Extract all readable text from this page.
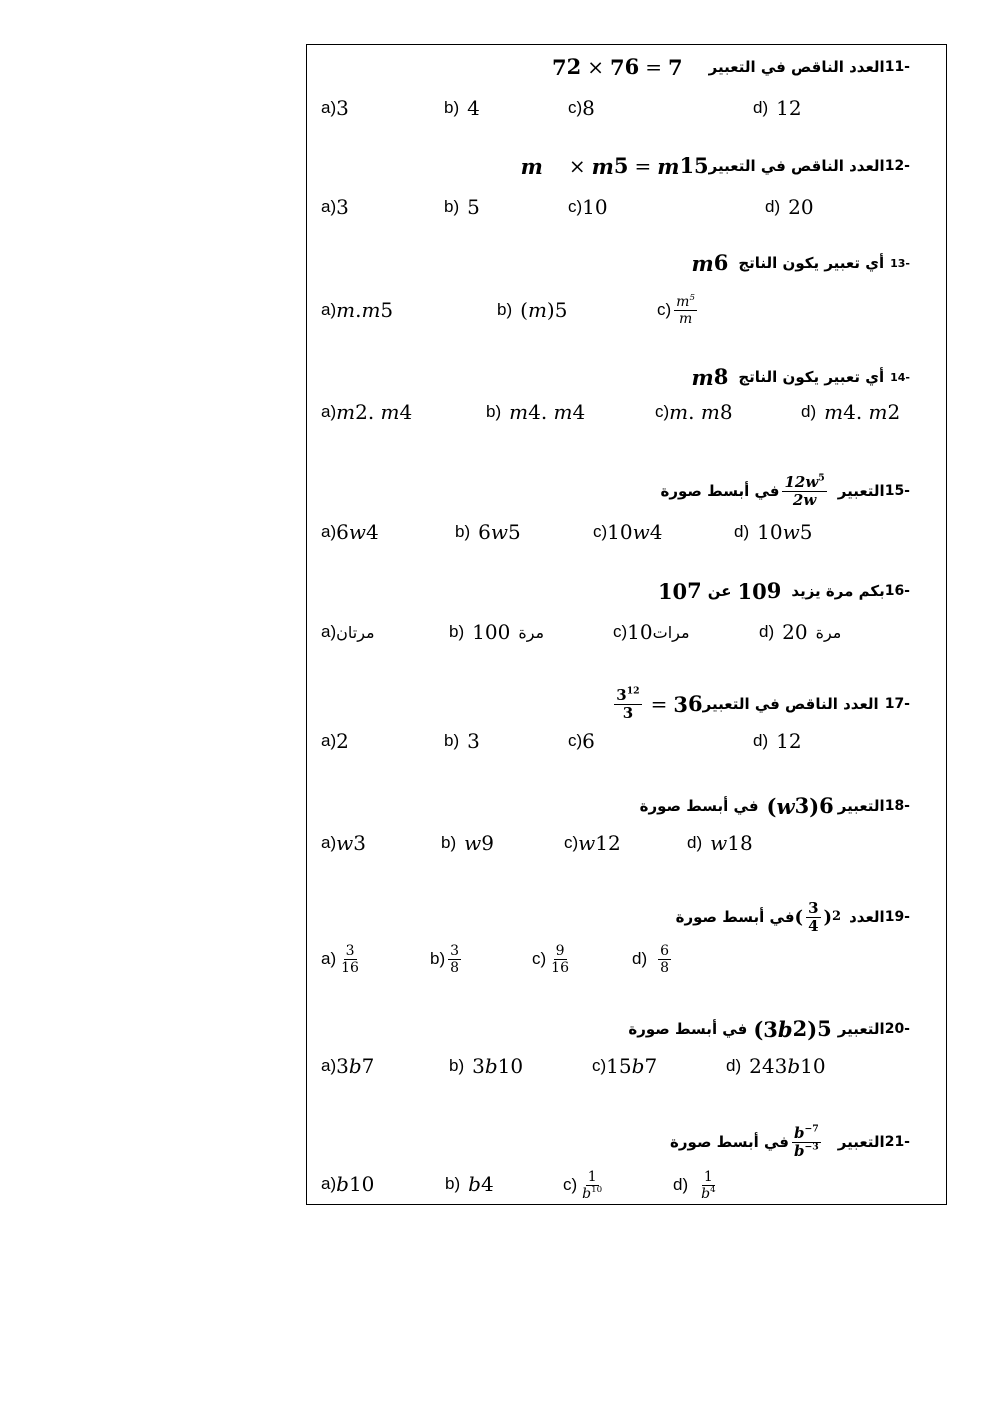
7 2 × 7 6 = 7 العدد الناقص في التعبير 11-
a) 3	b) 4	c) 8	d) 12
m × m 5 = m 15 العدد الناقص في التعبير 12-
a) 3	b) 5	c) 10	d) 20
m 6 أي تعبير يكون الناتج 13-
a) m . m 5	b) ( m ) 5	$c) \frac{m^5}{m}$
m 8 أي تعبير يكون الناتج 14-
a) m 2 . m 4	b) m 4 . m 4	c) m . m 8	d) m 4 . m 2
في أبسط صورة $\frac{12w^5}{2w}$ التعبير 15-
a) 6 w 4	b) 6 w 5	c) 10 w 4	d) 10 w 5
10 7 عن 10 9 بكم مرة يزيد 16-
a) مرتان	b) 100 مرة	c) 10 مرات	d) 20 مرة
$\frac{3^{12}}{3} = 3$ 6 العدد الناقص في التعبير 17-
a) 2	b) 3	c) 6	d) 12
في أبسط صورة ( w 3 ) 6 التعبير 18-
a) w 3	b) w 9	c) w 12	d) w 18
في أبسط صورة ( $\frac{3}{4}$ ) 2 العدد 19-
$a) \frac{3}{16}$	$b) \frac{3}{8}$	$c) \frac{9}{16}$	$d) \frac{6}{8}$
في أبسط صورة ( 3 b 2 ) 5 التعبير 20-
a) 3 b 7	b) 3 b 10	c) 15 b 7	d) 243 b 10
في أبسط صورة $\frac{b^{-7}}{b^{-3}}$ التعبير 21-
a) b 10	b) b 4	$c) \frac{1}{b^{10}}$	$d) \frac{1}{b^4}$
